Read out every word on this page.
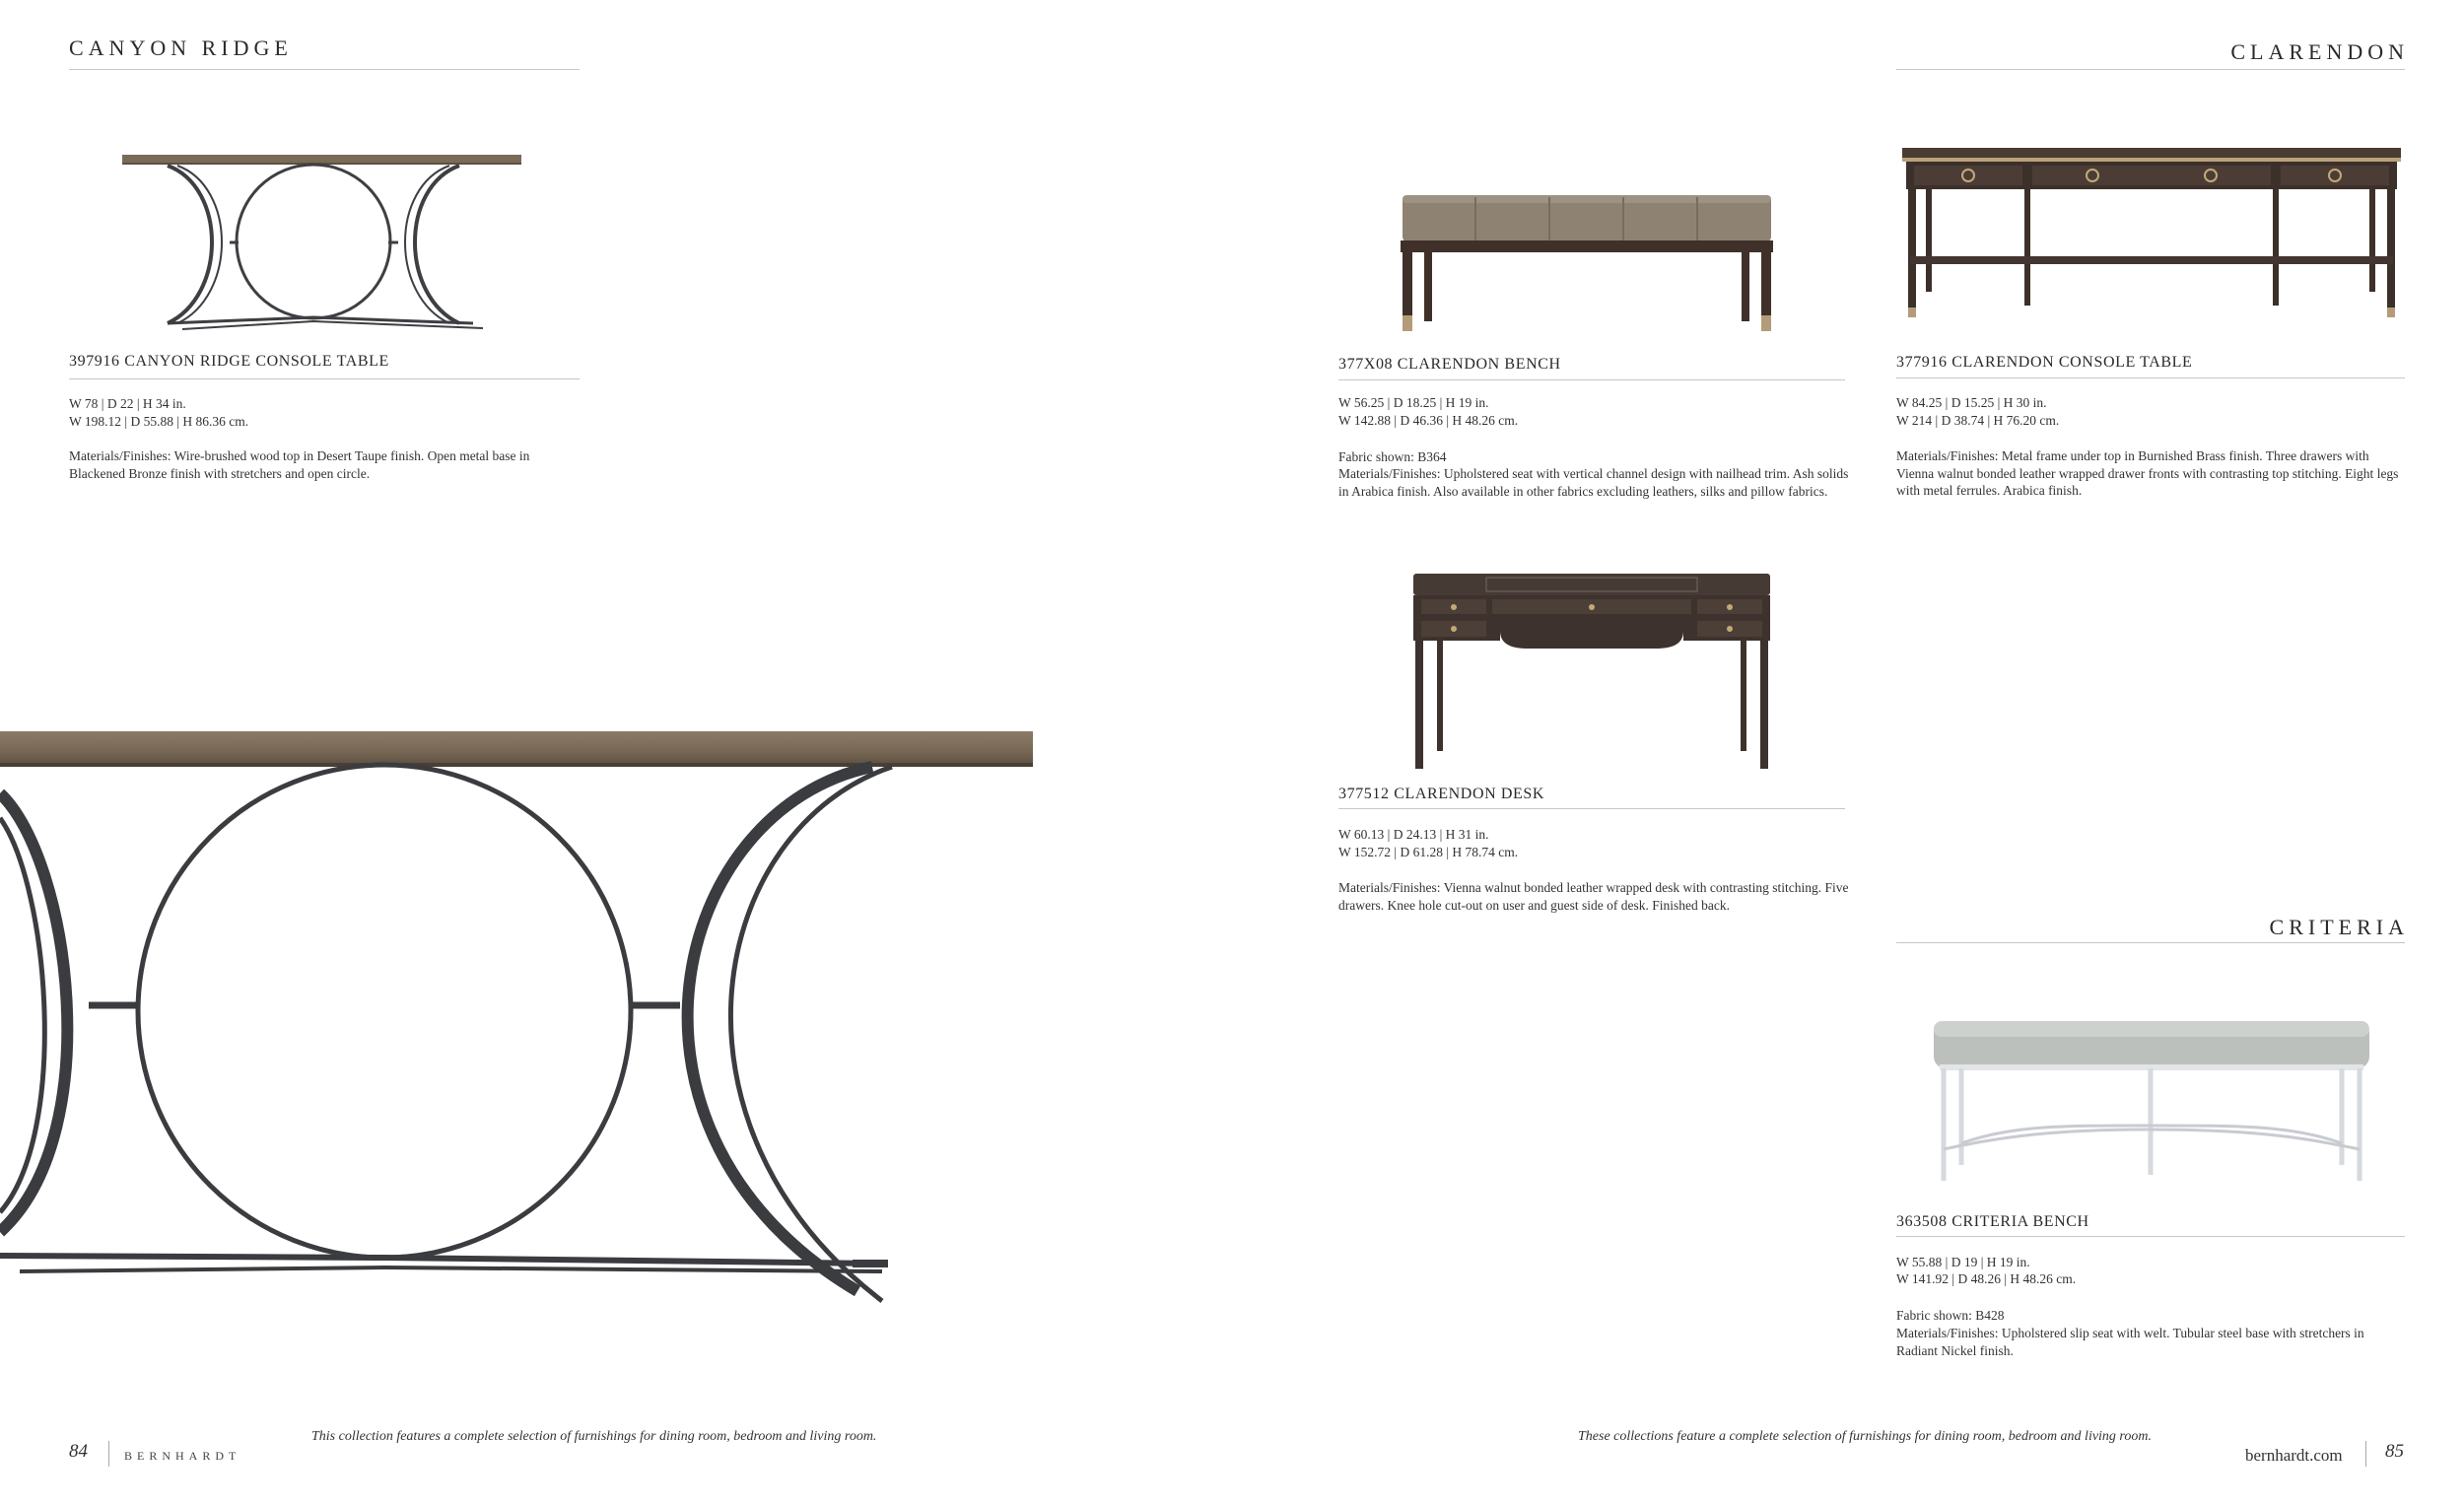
CANYON RIDGE
397916 CANYON RIDGE CONSOLE TABLE
W 78 | D 22 | H 34 in.
W 198.12 | D 55.88 | H 86.36 cm.
Materials/Finishes: Wire-brushed wood top in Desert Taupe finish. Open metal base in Blackened Bronze finish with stretchers and open circle.
84	BERNHARDT
This collection features a complete selection of furnishings for dining room, bedroom and living room.
CLARENDON
377X08 CLARENDON BENCH
W 56.25 | D 18.25 | H 19 in.
W 142.88 | D 46.36 | H 48.26 cm.
Fabric shown: B364
Materials/Finishes: Upholstered seat with vertical channel design with nailhead trim. Ash solids in Arabica finish. Also available in other fabrics excluding leathers, silks and pillow fabrics.
377916 CLARENDON CONSOLE TABLE
W 84.25 | D 15.25 | H 30 in.
W 214 | D 38.74 | H 76.20 cm.
Materials/Finishes: Metal frame under top in Burnished Brass finish. Three drawers with Vienna walnut bonded leather wrapped drawer fronts with contrasting top stitching. Eight legs with metal ferrules. Arabica finish.
377512 CLARENDON DESK
W 60.13 | D 24.13 | H 31 in.
W 152.72 | D 61.28 | H 78.74 cm.
Materials/Finishes: Vienna walnut bonded leather wrapped desk with contrasting stitching. Five drawers. Knee hole cut-out on user and guest side of desk. Finished back.
CRITERIA
363508 CRITERIA BENCH
W 55.88 | D 19 | H 19 in.
W 141.92 | D 48.26 | H 48.26 cm.
Fabric shown: B428
Materials/Finishes: Upholstered slip seat with welt. Tubular steel base with stretchers in Radiant Nickel finish.
These collections feature a complete selection of furnishings for dining room, bedroom and living room.
bernhardt.com 85
